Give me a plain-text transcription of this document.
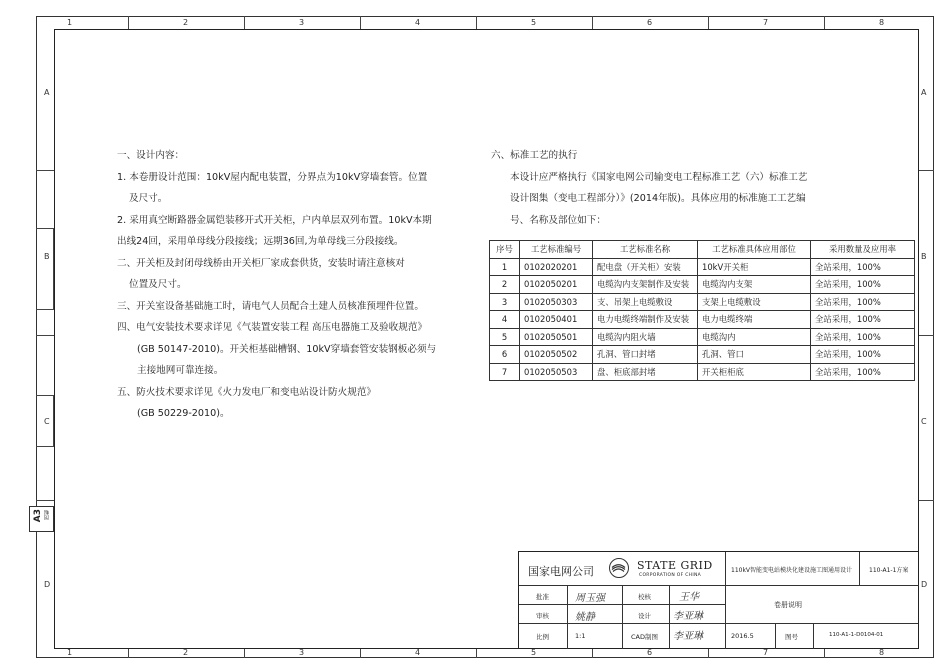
A3 图幅
一、设计内容：
1. 本卷册设计范围：10kV屋内配电装置，分界点为10kV穿墙套管。位置
及尺寸。
2. 采用真空断路器金属铠装移开式开关柜，户内单层双列布置。10kV本期
出线24回，采用单母线分段接线；远期36回,为单母线三分段接线。
二、开关柜及封闭母线桥由开关柜厂家成套供货，安装时请注意核对
位置及尺寸。
三、开关室设备基础施工时，请电气人员配合土建人员核准预埋件位置。
四、电气安装技术要求详见《气装置安装工程 高压电器施工及验收规范》
(GB 50147-2010)。开关柜基础槽钢、10kV穿墙套管安装钢板必须与
主接地网可靠连接。
五、防火技术要求详见《火力发电厂和变电站设计防火规范》
(GB 50229-2010)。
六、标准工艺的执行
本设计应严格执行《国家电网公司输变电工程标准工艺（六）标准工艺
设计图集（变电工程部分）》(2014年版)。具体应用的标准施工工艺编
号、名称及部位如下：
序号	工艺标准编号	工艺标准名称	工艺标准具体应用部位	采用数量及应用率
1	0102020201	配电盘（开关柜）安装	10kV开关柜	全站采用，100%
2	0102050201	电缆沟内支架制作及安装	电缆沟内支架	全站采用，100%
3	0102050303	支、吊架上电缆敷设	支架上电缆敷设	全站采用，100%
4	0102050401	电力电缆终端制作及安装	电力电缆终端	全站采用，100%
5	0102050501	电缆沟内阻火墙	电缆沟内	全站采用，100%
6	0102050502	孔洞、管口封堵	孔洞、管口	全站采用，100%
7	0102050503	盘、柜底部封堵	开关柜柜底	全站采用，100%
国家电网公司	STATE GRID
CORPORATION OF CHINA
110kV智能变电站模块化建设施工图通用设计	110-A1-1方案
批准	周玉强	校核	王华
审核	姚静	设计 李亚琳
卷册说明
比例	1:1	CAD制图 李亚琳	2016.5	图号	110-A1-1-D0104-01
1
1
2
2
3
3
4
4
5
5
6
6
7
7
8
8
A	A
B	B
C	C
D	D
